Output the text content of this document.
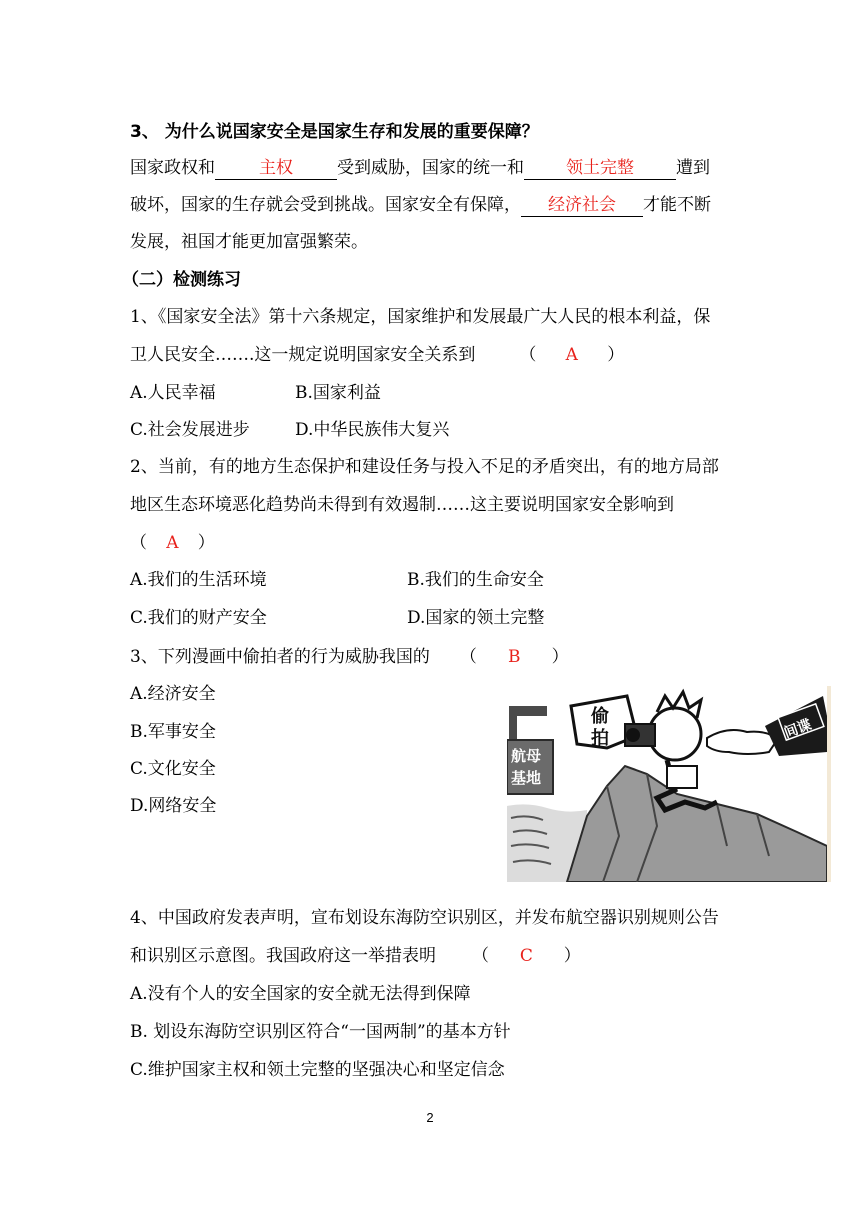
3、 为什么说国家安全是国家生存和发展的重要保障？
国家政权和	主权	受到威胁，国家的统一和 领土完整 遭到
破坏，国家的生存就会受到挑战。国家安全有保障， 经济社会 才能不断
发展，祖国才能更加富强繁荣。
（二）检测练习
1、《国家安全法》第十六条规定，国家维护和发展最广大人民的根本利益，保
卫人民安全…….这一规定说明国家安全关系到	（ A ）
A.人民幸福	B.国家利益
C.社会发展进步	D.中华民族伟大复兴
2、当前，有的地方生态保护和建设任务与投入不足的矛盾突出，有的地方局部
地区生态环境恶化趋势尚未得到有效遏制……这主要说明国家安全影响到
（ A ）
A.我们的生活环境	B.我们的生命安全
C.我们的财产安全	D.国家的领土完整
3、下列漫画中偷拍者的行为威胁我国的 （ B ）
A.经济安全
B.军事安全
C.文化安全
D.网络安全
航母
基地
偷
拍	间谍
4、中国政府发表声明，宣布划设东海防空识别区，并发布航空器识别规则公告
和识别区示意图。我国政府这一举措表明 （ C ）
A.没有个人的安全国家的安全就无法得到保障
B. 划设东海防空识别区符合“一国两制”的基本方针
C.维护国家主权和领土完整的坚强决心和坚定信念
2
